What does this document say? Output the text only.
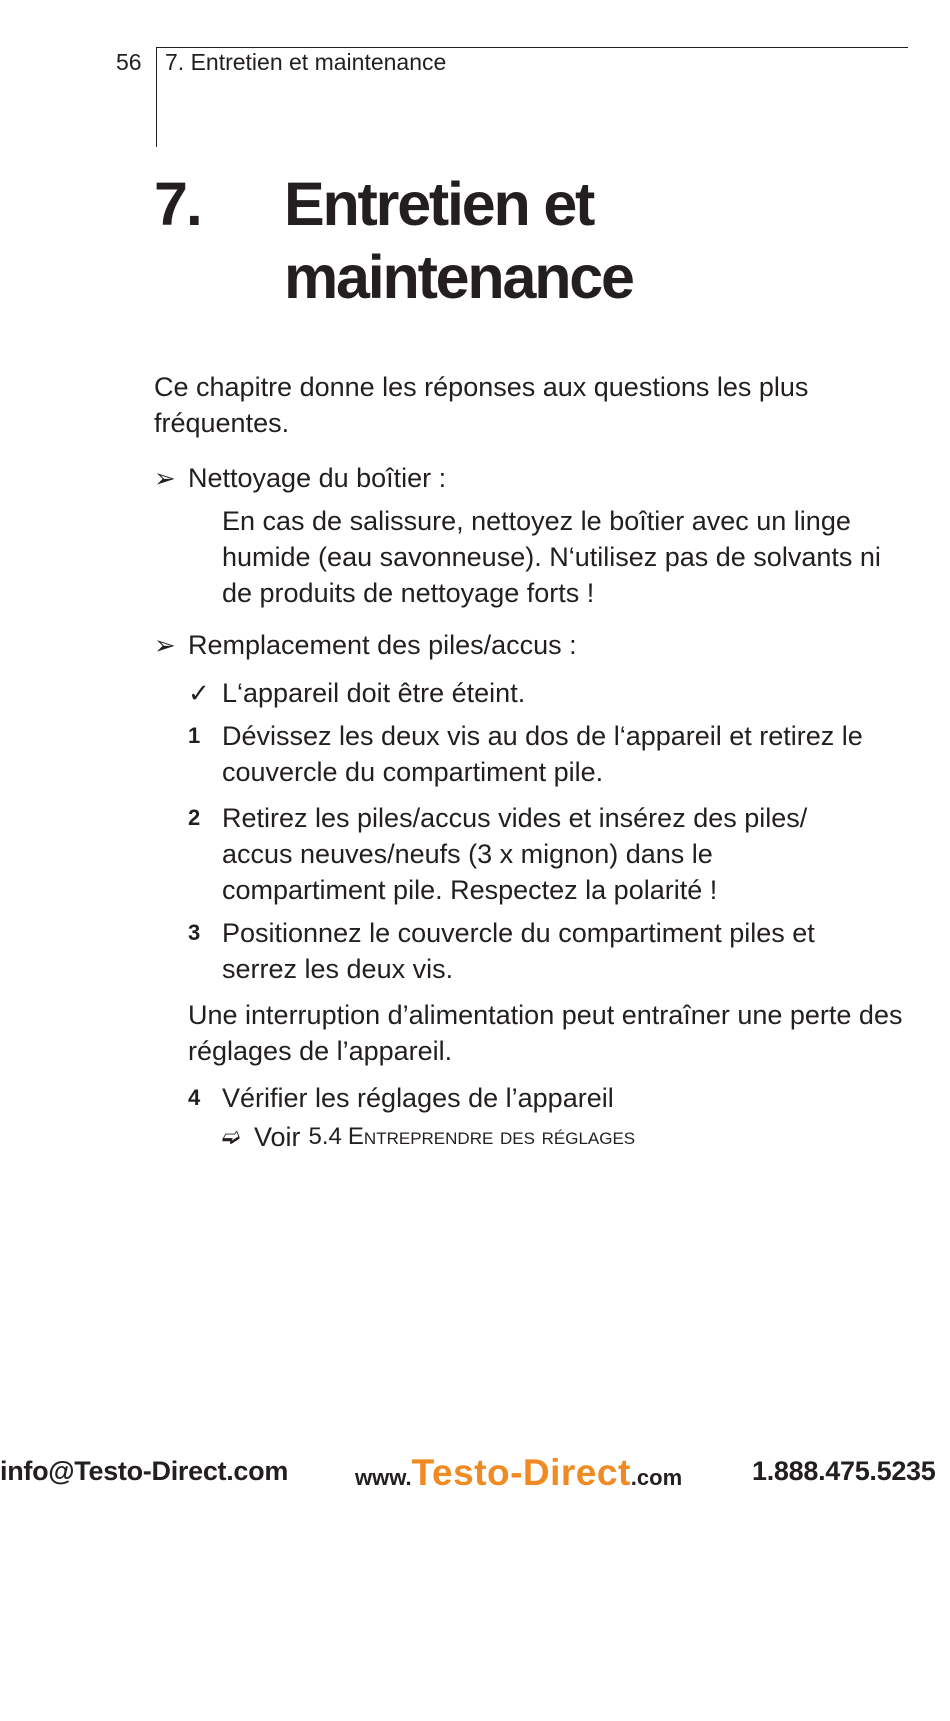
56 7. Entretien et maintenance
7. Entretien et maintenance

Ce chapitre donne les réponses aux questions les plus fréquentes.

➢ Nettoyage du boîtier :

En cas de salissure, nettoyez le boîtier avec un linge humide (eau savonneuse). N‘utilisez pas de solvants ni de produits de nettoyage forts !

➢ Remplacement des piles/accus :
✓ L‘appareil doit être éteint.
1 Dévissez les deux vis au dos de l‘appareil et retirez le couvercle du compartiment pile.
2 Retirez les piles/accus vides et insérez des piles/ accus neuves/neufs (3 x mignon) dans le compartiment pile. Respectez la polarité !
3 Positionnez le couvercle du compartiment piles et serrez les deux vis.

Une interruption d’alimentation peut entraîner une perte des réglages de l’appareil.

4 Vérifier les réglages de l’appareil
➫ Voir 5.4 Entreprendre des réglages
info@Testo-Direct.com	www.Testo-Direct.com	1.888.475.5235
